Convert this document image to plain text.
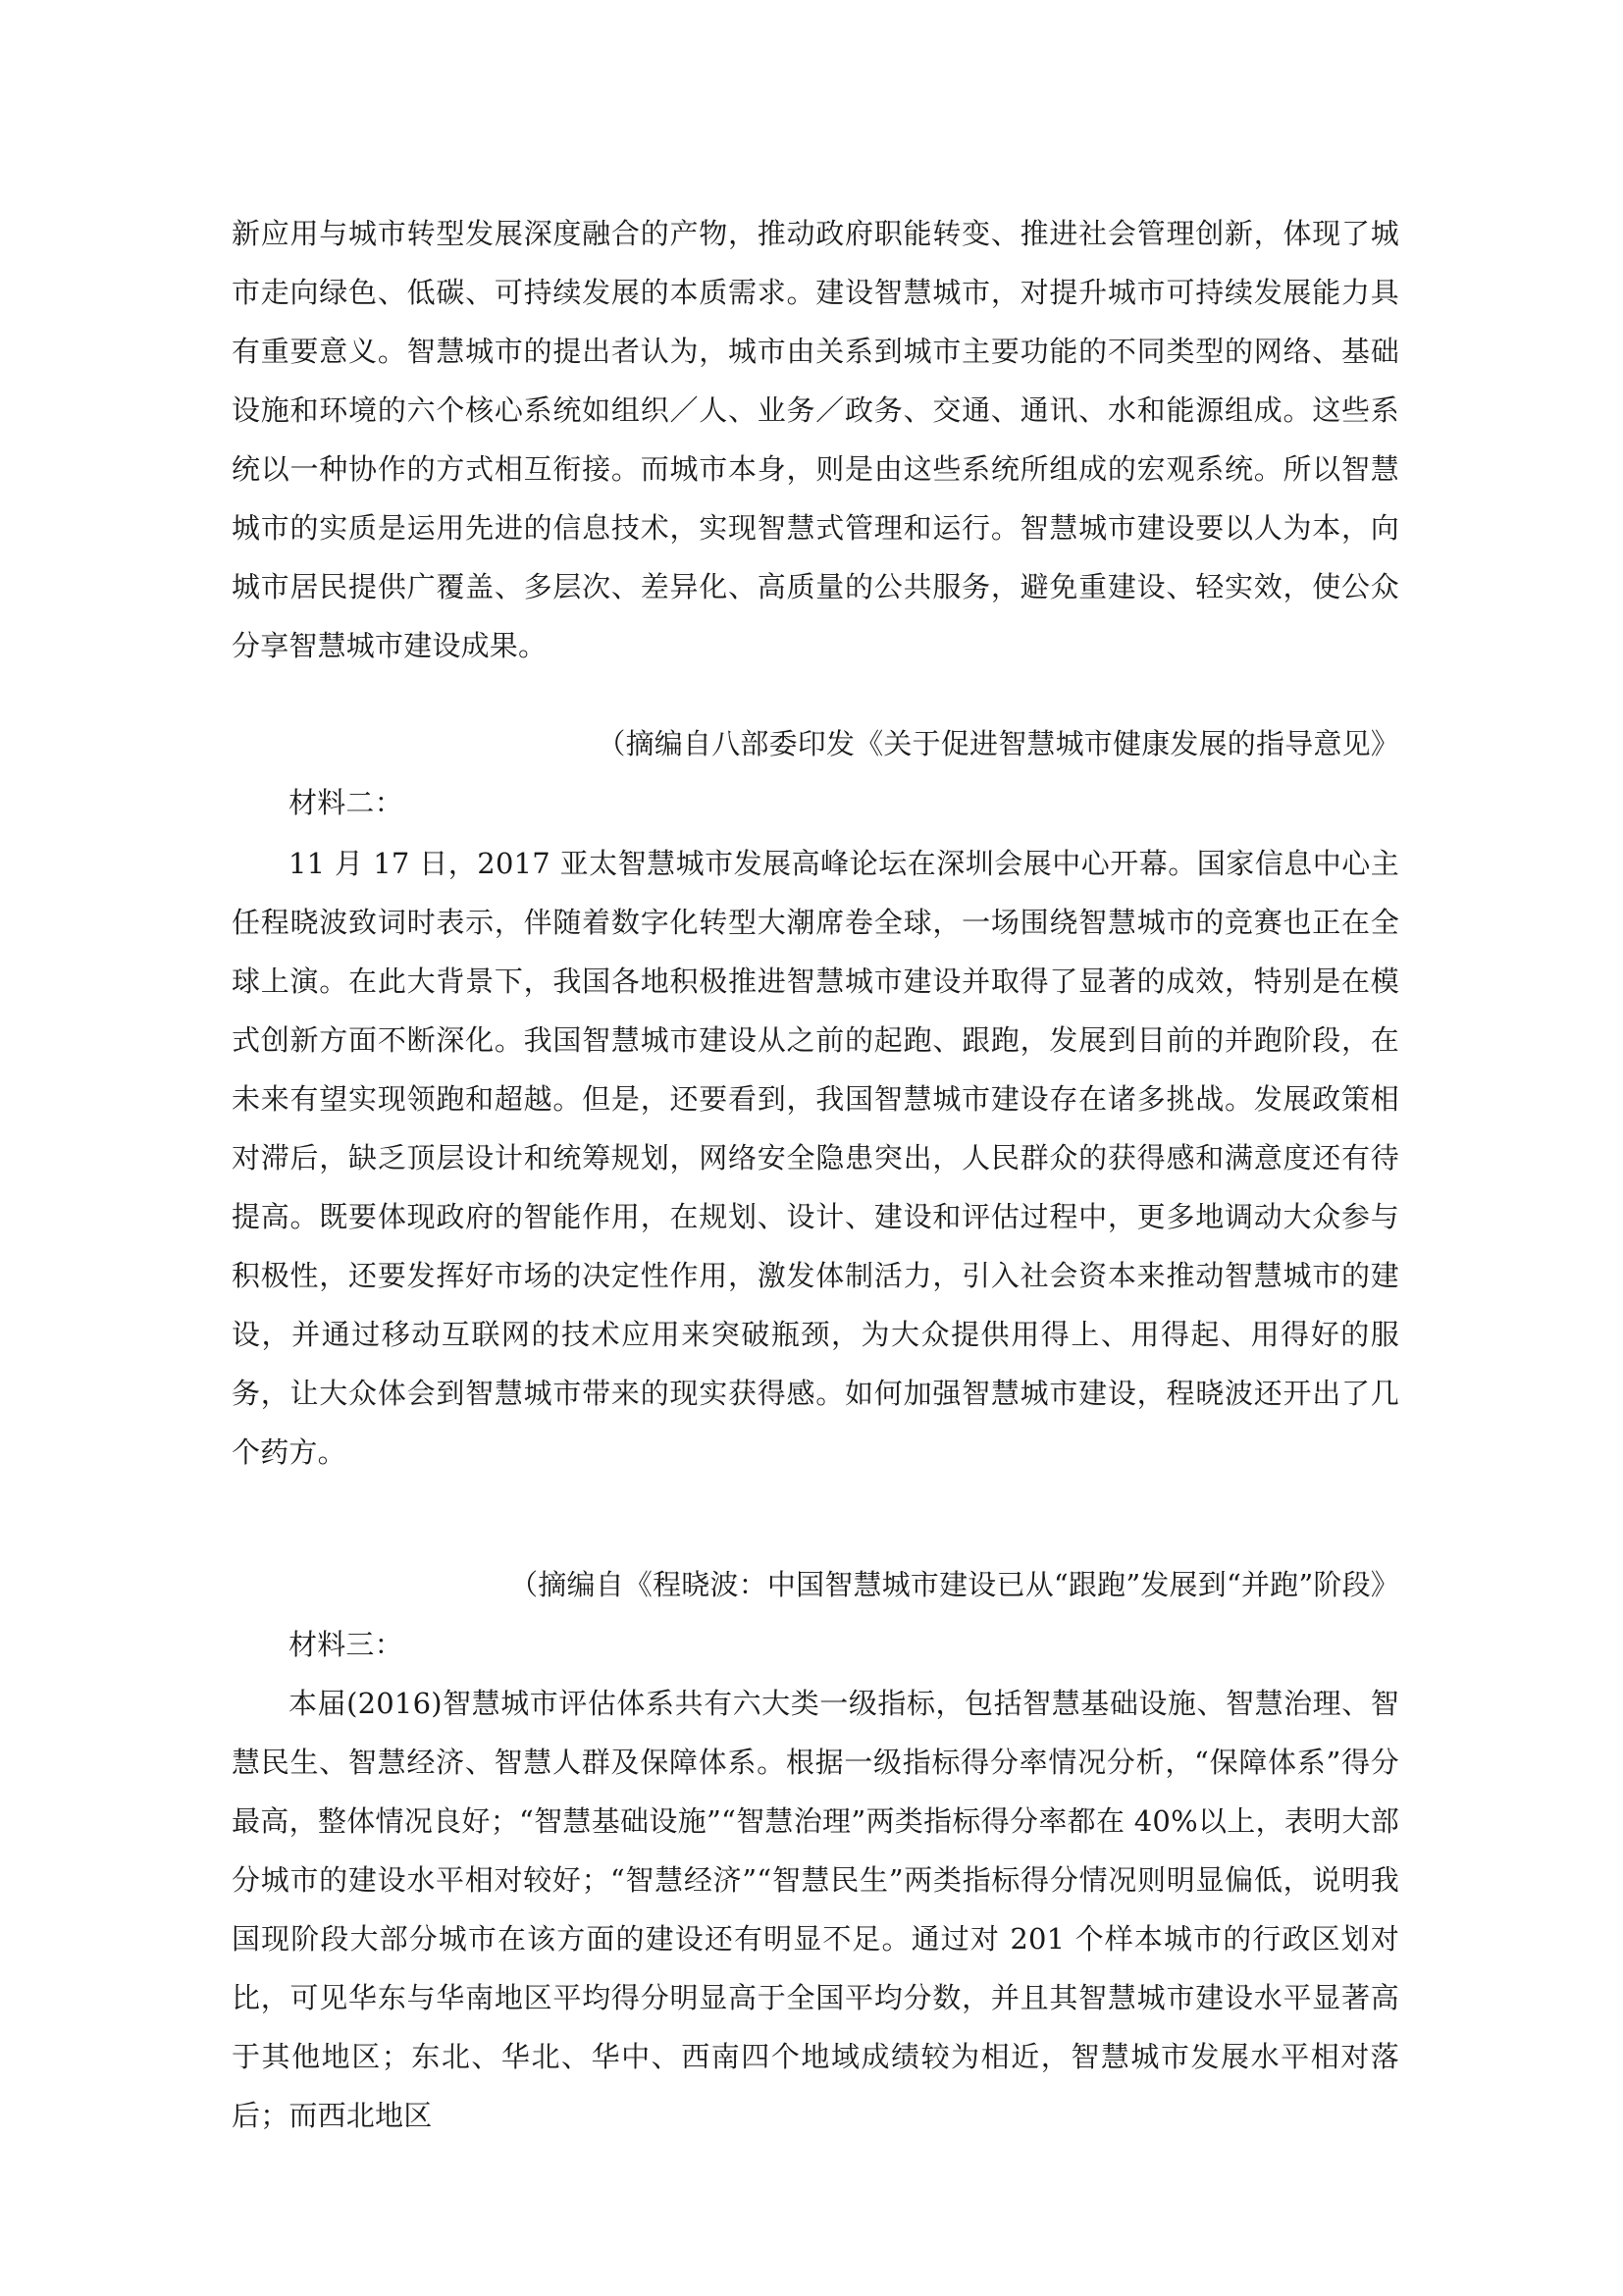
新应用与城市转型发展深度融合的产物，推动政府职能转变、推进社会管理创新，体现了城市走向绿色、低碳、可持续发展的本质需求。建设智慧城市，对提升城市可持续发展能力具有重要意义。智慧城市的提出者认为，城市由关系到城市主要功能的不同类型的网络、基础设施和环境的六个核心系统如组织／人、业务／政务、交通、通讯、水和能源组成。这些系统以一种协作的方式相互衔接。而城市本身，则是由这些系统所组成的宏观系统。所以智慧城市的实质是运用先进的信息技术，实现智慧式管理和运行。智慧城市建设要以人为本，向城市居民提供广覆盖、多层次、差异化、高质量的公共服务，避免重建设、轻实效，使公众分享智慧城市建设成果。

（摘编自八部委印发《关于促进智慧城市健康发展的指导意见》

材料二：

11 月 17 日，2017 亚太智慧城市发展高峰论坛在深圳会展中心开幕。国家信息中心主任程晓波致词时表示，伴随着数字化转型大潮席卷全球，一场围绕智慧城市的竞赛也正在全球上演。在此大背景下，我国各地积极推进智慧城市建设并取得了显著的成效，特别是在模式创新方面不断深化。我国智慧城市建设从之前的起跑、跟跑，发展到目前的并跑阶段，在未来有望实现领跑和超越。但是，还要看到，我国智慧城市建设存在诸多挑战。发展政策相对滞后，缺乏顶层设计和统筹规划，网络安全隐患突出，人民群众的获得感和满意度还有待提高。既要体现政府的智能作用，在规划、设计、建设和评估过程中，更多地调动大众参与积极性，还要发挥好市场的决定性作用，激发体制活力，引入社会资本来推动智慧城市的建设，并通过移动互联网的技术应用来突破瓶颈，为大众提供用得上、用得起、用得好的服务，让大众体会到智慧城市带来的现实获得感。如何加强智慧城市建设，程晓波还开出了几个药方。

（摘编自《程晓波：中国智慧城市建设已从“跟跑”发展到“并跑”阶段》

材料三：

本届(2016)智慧城市评估体系共有六大类一级指标，包括智慧基础设施、智慧治理、智慧民生、智慧经济、智慧人群及保障体系。根据一级指标得分率情况分析，“保障体系”得分最高，整体情况良好；“智慧基础设施”“智慧治理”两类指标得分率都在 40%以上，表明大部分城市的建设水平相对较好；“智慧经济”“智慧民生”两类指标得分情况则明显偏低，说明我国现阶段大部分城市在该方面的建设还有明显不足。通过对 201 个样本城市的行政区划对比，可见华东与华南地区平均得分明显高于全国平均分数，并且其智慧城市建设水平显著高于其他地区；东北、华北、华中、西南四个地域成绩较为相近，智慧城市发展水平相对落后；而西北地区
